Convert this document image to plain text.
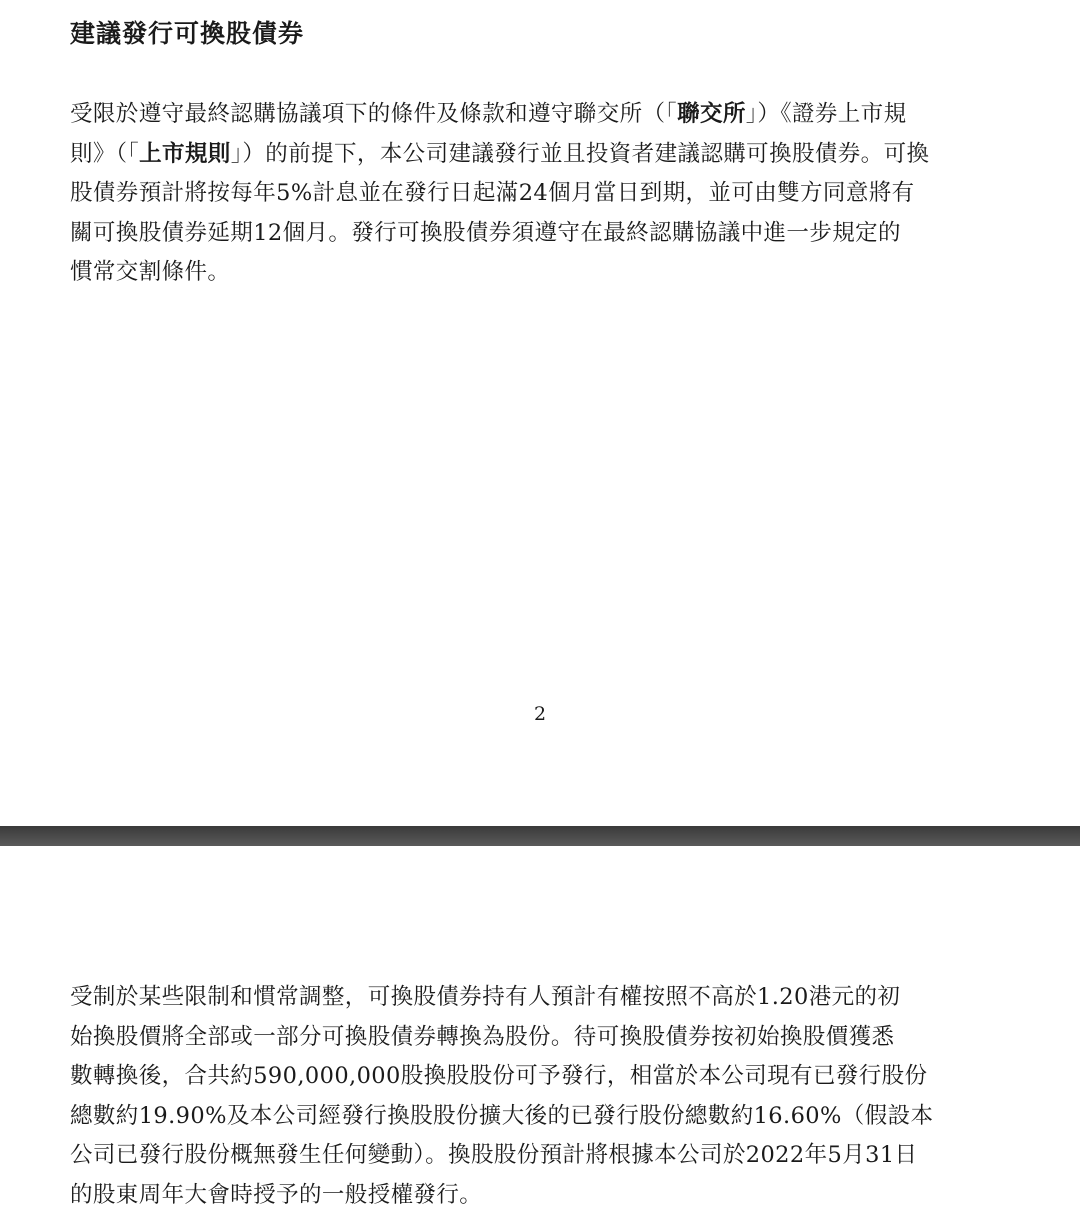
建議發行可換股債券
受限於遵守最終認購協議項下的條件及條款和遵守聯交所（「聯交所」）《證券上市規
則》（「上市規則」）的前提下，本公司建議發行並且投資者建議認購可換股債券。可換
股債券預計將按每年5%計息並在發行日起滿24個月當日到期，並可由雙方同意將有
關可換股債券延期12個月。發行可換股債券須遵守在最終認購協議中進一步規定的
慣常交割條件。
2
受制於某些限制和慣常調整，可換股債券持有人預計有權按照不高於1.20港元的初
始換股價將全部或一部分可換股債券轉換為股份。待可換股債券按初始換股價獲悉
數轉換後，合共約590,000,000股換股股份可予發行，相當於本公司現有已發行股份
總數約19.90%及本公司經發行換股股份擴大後的已發行股份總數約16.60%（假設本
公司已發行股份概無發生任何變動）。換股股份預計將根據本公司於2022年5月31日
的股東周年大會時授予的一般授權發行。
